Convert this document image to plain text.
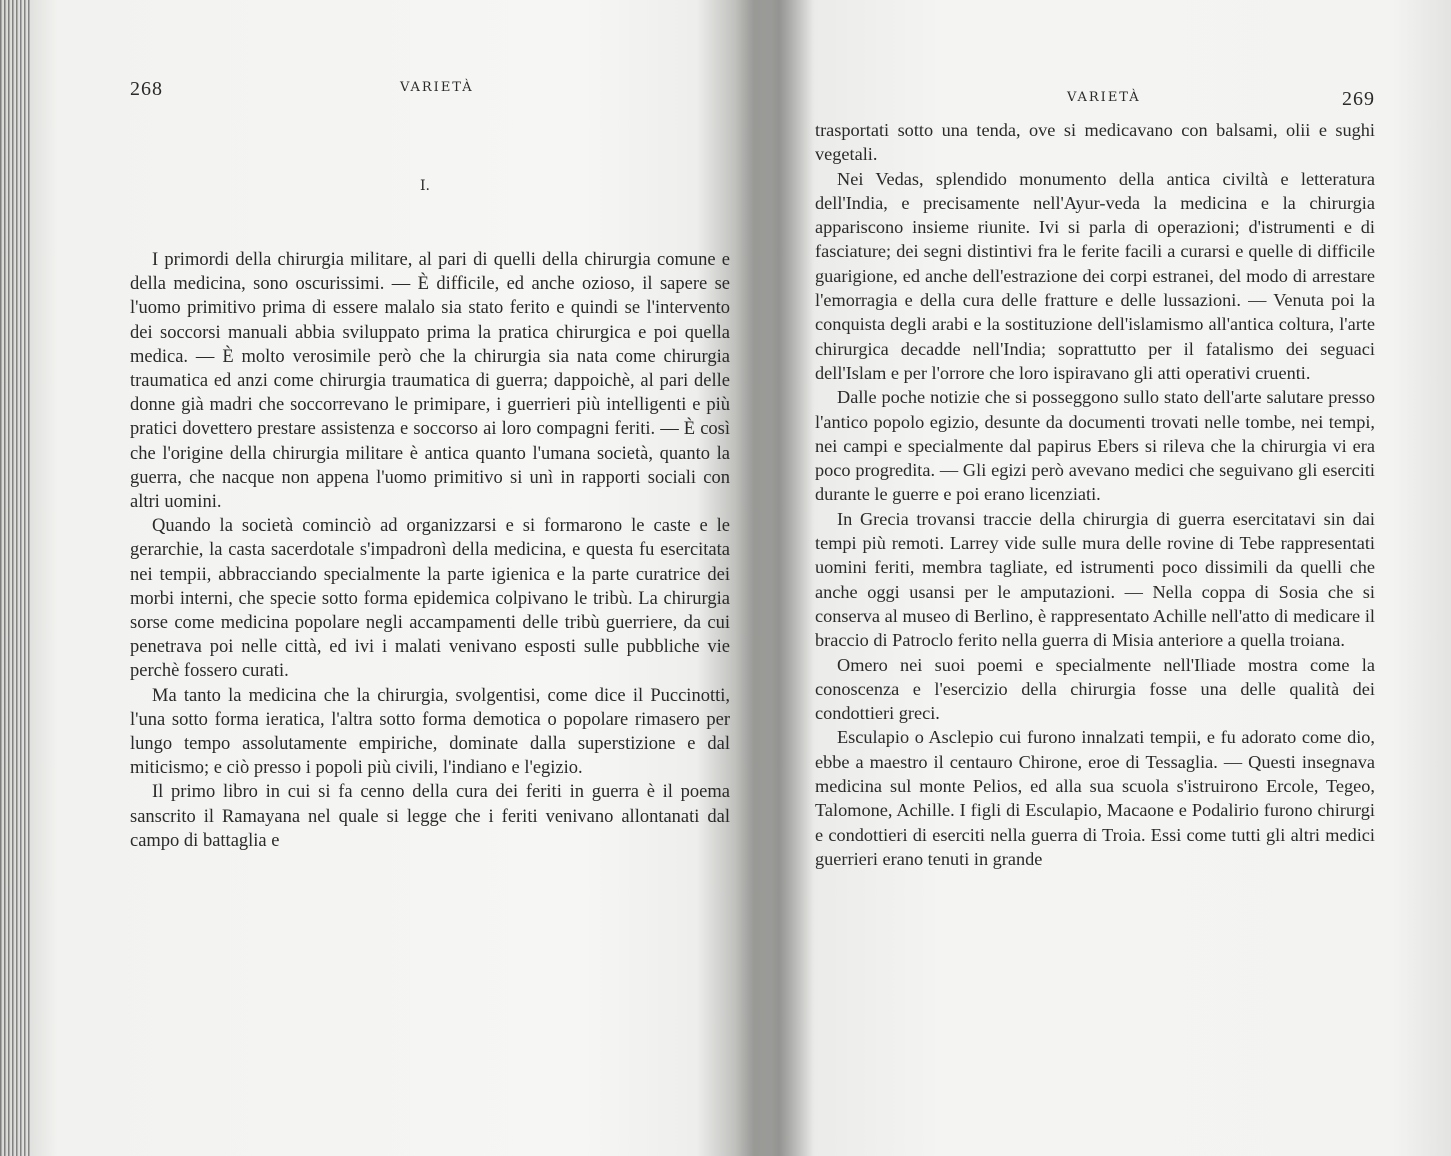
268	VARIETÀ
I.

I primordi della chirurgia militare, al pari di quelli della chirurgia comune e della medicina, sono oscurissimi. — È difficile, ed anche ozioso, il sapere se l'uomo primitivo prima di essere malalo sia stato ferito e quindi se l'intervento dei soccorsi manuali abbia sviluppato prima la pratica chirurgica e poi quella medica. — È molto verosimile però che la chirurgia sia nata come chirurgia traumatica ed anzi come chirurgia traumatica di guerra; dappoichè, al pari delle donne già madri che soccorrevano le primipare, i guerrieri più intelligenti e più pratici dovettero prestare assistenza e soccorso ai loro compagni feriti. — È così che l'origine della chirurgia militare è antica quanto l'umana società, quanto la guerra, che nacque non appena l'uomo primitivo si unì in rapporti sociali con altri uomini.

Quando la società cominciò ad organizzarsi e si formarono le caste e le gerarchie, la casta sacerdotale s'impadronì della medicina, e questa fu esercitata nei tempii, abbracciando specialmente la parte igienica e la parte curatrice dei morbi interni, che specie sotto forma epidemica colpivano le tribù. La chirurgia sorse come medicina popolare negli accampamenti delle tribù guerriere, da cui penetrava poi nelle città, ed ivi i malati venivano esposti sulle pubbliche vie perchè fossero curati.

Ma tanto la medicina che la chirurgia, svolgentisi, come dice il Puccinotti, l'una sotto forma ieratica, l'altra sotto forma demotica o popolare rimasero per lungo tempo assolutamente empiriche, dominate dalla superstizione e dal miticismo; e ciò presso i popoli più civili, l'indiano e l'egizio.

Il primo libro in cui si fa cenno della cura dei feriti in guerra è il poema sanscrito il Ramayana nel quale si legge che i feriti venivano allontanati dal campo di battaglia e

VARIETÀ	269

trasportati sotto una tenda, ove si medicavano con balsami, olii e sughi vegetali.

Nei Vedas, splendido monumento della antica civiltà e letteratura dell'India, e precisamente nell'Ayur-veda la medicina e la chirurgia appariscono insieme riunite. Ivi si parla di operazioni; d'istrumenti e di fasciature; dei segni distintivi fra le ferite facili a curarsi e quelle di difficile guarigione, ed anche dell'estrazione dei corpi estranei, del modo di arrestare l'emorragia e della cura delle fratture e delle lussazioni. — Venuta poi la conquista degli arabi e la sostituzione dell'islamismo all'antica coltura, l'arte chirurgica decadde nell'India; soprattutto per il fatalismo dei seguaci dell'Islam e per l'orrore che loro ispiravano gli atti operativi cruenti.

Dalle poche notizie che si posseggono sullo stato dell'arte salutare presso l'antico popolo egizio, desunte da documenti trovati nelle tombe, nei tempi, nei campi e specialmente dal papirus Ebers si rileva che la chirurgia vi era poco progredita. — Gli egizi però avevano medici che seguivano gli eserciti durante le guerre e poi erano licenziati.

In Grecia trovansi traccie della chirurgia di guerra esercitatavi sin dai tempi più remoti. Larrey vide sulle mura delle rovine di Tebe rappresentati uomini feriti, membra tagliate, ed istrumenti poco dissimili da quelli che anche oggi usansi per le amputazioni. — Nella coppa di Sosia che si conserva al museo di Berlino, è rappresentato Achille nell'atto di medicare il braccio di Patroclo ferito nella guerra di Misia anteriore a quella troiana.

Omero nei suoi poemi e specialmente nell'Iliade mostra come la conoscenza e l'esercizio della chirurgia fosse una delle qualità dei condottieri greci.

Esculapio o Asclepio cui furono innalzati tempii, e fu adorato come dio, ebbe a maestro il centauro Chirone, eroe di Tessaglia. — Questi insegnava medicina sul monte Pelios, ed alla sua scuola s'istruirono Ercole, Tegeo, Talomone, Achille. I figli di Esculapio, Macaone e Podalirio furono chirurgi e condottieri di eserciti nella guerra di Troia. Essi come tutti gli altri medici guerrieri erano tenuti in grande
